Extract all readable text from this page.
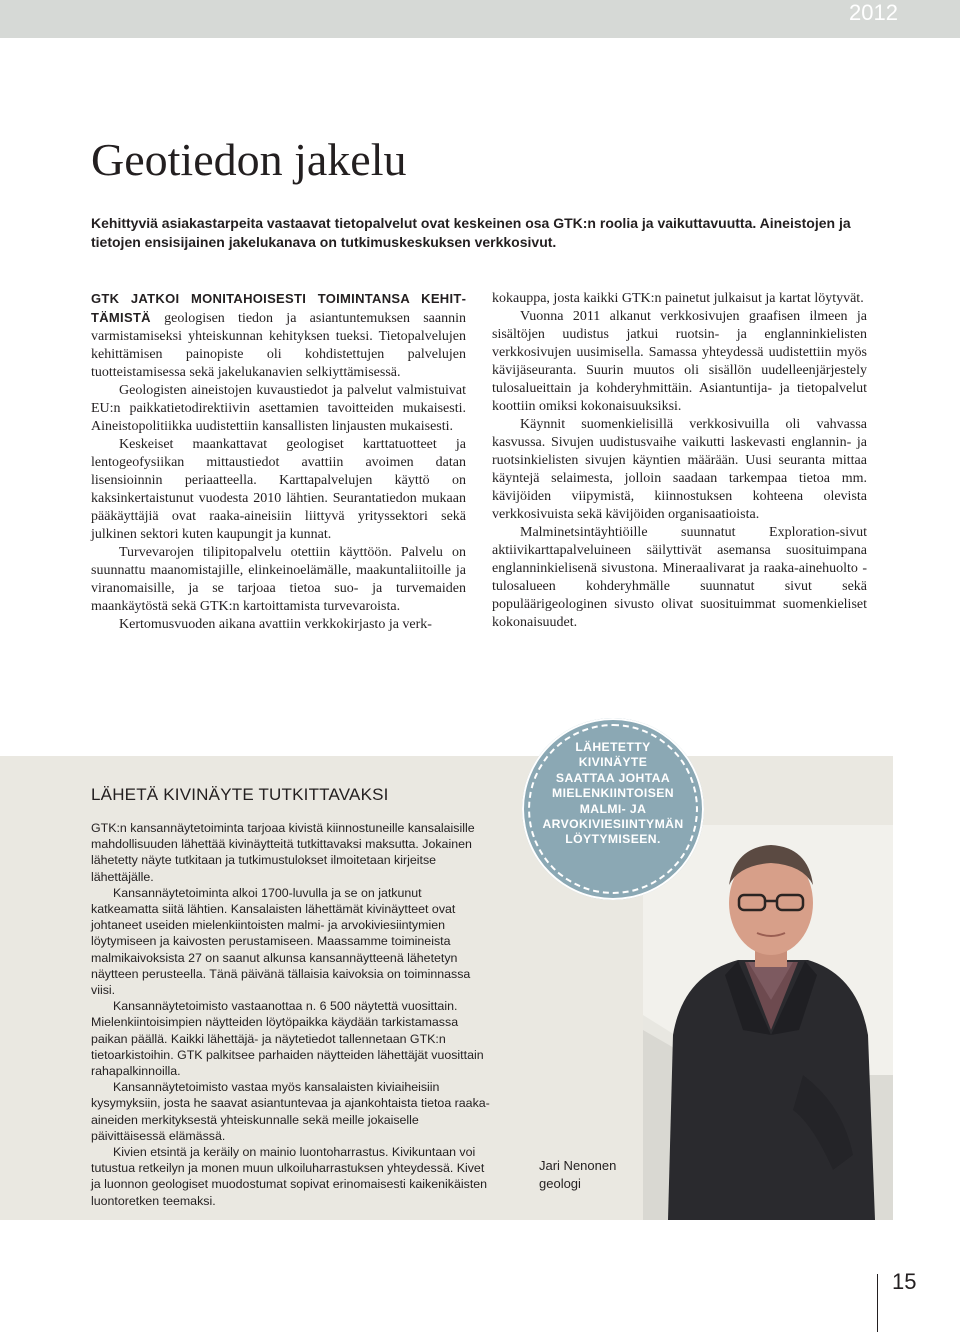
2012
Geotiedon jakelu

Kehittyviä asiakastarpeita vastaavat tietopalvelut ovat keskeinen osa GTK:n roolia ja vaikuttavuutta. Aineistojen ja tietojen ensisijainen jakelukanava on tutkimuskeskuksen verkkosivut.

GTK JATKOI MONITAHOISESTI TOIMINTANSA KEHITTÄMISTÄ geologisen tiedon ja asiantuntemuksen saannin varmistamiseksi yhteiskunnan kehityksen tueksi. Tietopalvelujen kehittämisen painopiste oli kohdistettujen palvelujen tuotteistamisessa sekä jakelukanavien selkiyttämisessä.

Geologisten aineistojen kuvaustiedot ja palvelut valmistuivat EU:n paikkatietodirektiivin asettamien tavoitteiden mukaisesti. Aineistopolitiikka uudistettiin kansallisten linjausten mukaisesti.

Keskeiset maankattavat geologiset karttatuotteet ja lentogeofysiikan mittaustiedot avattiin avoimen datan lisensioinnin periaatteella. Karttapalvelujen käyttö on kaksinkertaistunut vuodesta 2010 lähtien. Seurantatiedon mukaan pääkäyttäjiä ovat raaka-aineisiin liittyvä yrityssektori sekä julkinen sektori kuten kaupungit ja kunnat.

Turvevarojen tilipitopalvelu otettiin käyttöön. Palvelu on suunnattu maanomistajille, elinkeinoelämälle, maakuntaliitoille ja viranomaisille, ja se tarjoaa tietoa suo- ja turvemaiden maankäytöstä sekä GTK:n kartoittamista turvevaroista.

Kertomusvuoden aikana avattiin verkkokirjasto ja verk-

kokauppa, josta kaikki GTK:n painetut julkaisut ja kartat löytyvät.

Vuonna 2011 alkanut verkkosivujen graafisen ilmeen ja sisältöjen uudistus jatkui ruotsin- ja englanninkielisten verkkosivujen uusimisella. Samassa yhteydessä uudistettiin myös kävijäseuranta. Suurin muutos oli sisällön uudelleenjärjestely tulosalueittain ja kohderyhmittäin. Asiantuntija- ja tietopalvelut koottiin omiksi kokonaisuuksiksi.

Käynnit suomenkielisillä verkkosivuilla oli vahvassa kasvussa. Sivujen uudistusvaihe vaikutti laskevasti englannin- ja ruotsinkielisten sivujen käyntien määrään. Uusi seuranta mittaa käyntejä selaimesta, jolloin saadaan tarkempaa tietoa mm. kävijöiden viipymistä, kiinnostuksen kohteena olevista verkkosivuista sekä kävijöiden organisaatioista.

Malminetsintäyhtiöille suunnatut Exploration-sivut aktiivikarttapalveluineen säilyttivät asemansa suosituimpana englanninkielisenä sivustona. Mineraalivarat ja raaka-ainehuolto -tulosalueen kohderyhmälle suunnatut sivut sekä populäärigeologinen sivusto olivat suosituimmat suomenkieliset kokonaisuudet.

LÄHETÄ KIVINÄYTE TUTKITTAVAKSI

GTK:n kansannäytetoiminta tarjoaa kivistä kiinnostuneille kansalaisille mahdollisuuden lähettää kivinäytteitä tutkittavaksi maksutta. Jokainen lähetetty näyte tutkitaan ja tutkimustulokset ilmoitetaan kirjeitse lähettäjälle.

Kansannäytetoiminta alkoi 1700-luvulla ja se on jatkunut katkeamatta siitä lähtien. Kansalaisten lähettämät kivinäytteet ovat johtaneet useiden mielenkiintoisten malmi- ja arvokiviesiintymien löytymiseen ja kaivosten perustamiseen. Maassamme toimineista malmikaivoksista 27 on saanut alkunsa kansannäytteenä lähetetyn näytteen perusteella. Tänä päivänä tällaisia kaivoksia on toiminnassa viisi.

Kansannäytetoimisto vastaanottaa n. 6 500 näytettä vuosittain. Mielenkiintoisimpien näytteiden löytöpaikka käydään tarkistamassa paikan päällä. Kaikki lähettäjä- ja näytetiedot tallennetaan GTK:n tietoarkistoihin. GTK palkitsee parhaiden näytteiden lähettäjät vuosittain rahapalkinnoilla.

Kansannäytetoimisto vastaa myös kansalaisten kiviaiheisiin kysymyksiin, josta he saavat asiantuntevaa ja ajankohtaista tietoa raaka-aineiden merkityksestä yhteiskunnalle sekä meille jokaiselle päivittäisessä elämässä.

Kivien etsintä ja keräily on mainio luontoharrastus. Kivikuntaan voi tutustua retkeilyn ja monen muun ulkoiluharrastuksen yhteydessä. Kivet ja luonnon geologiset muodostumat sopivat erinomaisesti kaikenikäisten luontoretken teemaksi.

LÄHETETTY
KIVINÄYTE
SAATTAA JOHTAA
MIELENKIINTOISEN
MALMI- JA
ARVOKIVIESIINTYMÄN
LÖYTYMISEEN.

Jari Nenonen
geologi

15
